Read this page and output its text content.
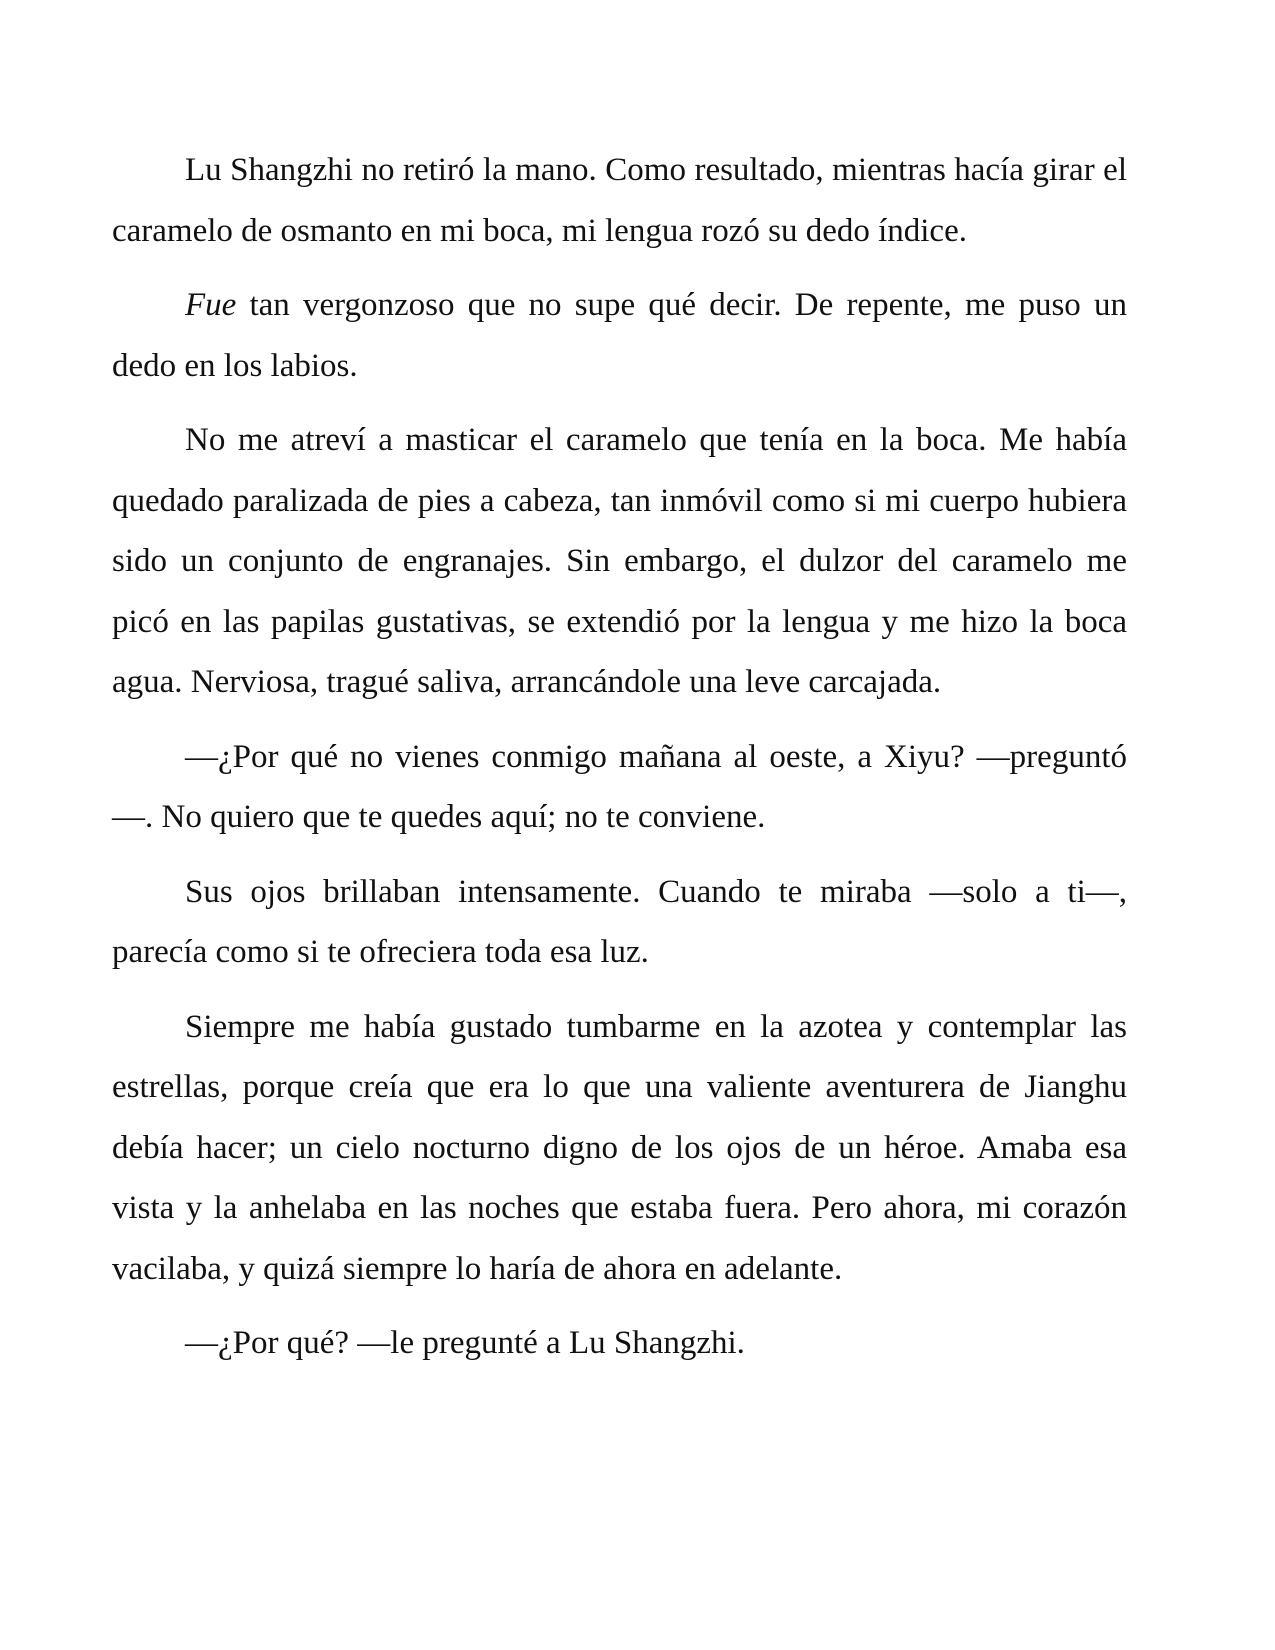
Lu Shangzhi no retiró la mano. Como resultado, mientras hacía girar el caramelo de osmanto en mi boca, mi lengua rozó su dedo índice.

Fue tan vergonzoso que no supe qué decir. De repente, me puso un dedo en los labios.

No me atreví a masticar el caramelo que tenía en la boca. Me había quedado paralizada de pies a cabeza, tan inmóvil como si mi cuerpo hubiera sido un conjunto de engranajes. Sin embargo, el dulzor del caramelo me picó en las papilas gustativas, se extendió por la lengua y me hizo la boca agua. Nerviosa, tragué saliva, arrancándole una leve carcajada.

—¿Por qué no vienes conmigo mañana al oeste, a Xiyu? —preguntó—. No quiero que te quedes aquí; no te conviene.

Sus ojos brillaban intensamente. Cuando te miraba —solo a ti—, parecía como si te ofreciera toda esa luz.

Siempre me había gustado tumbarme en la azotea y contemplar las estrellas, porque creía que era lo que una valiente aventurera de Jianghu debía hacer; un cielo nocturno digno de los ojos de un héroe. Amaba esa vista y la anhelaba en las noches que estaba fuera. Pero ahora, mi corazón vacilaba, y quizá siempre lo haría de ahora en adelante.

—¿Por qué? —le pregunté a Lu Shangzhi.
